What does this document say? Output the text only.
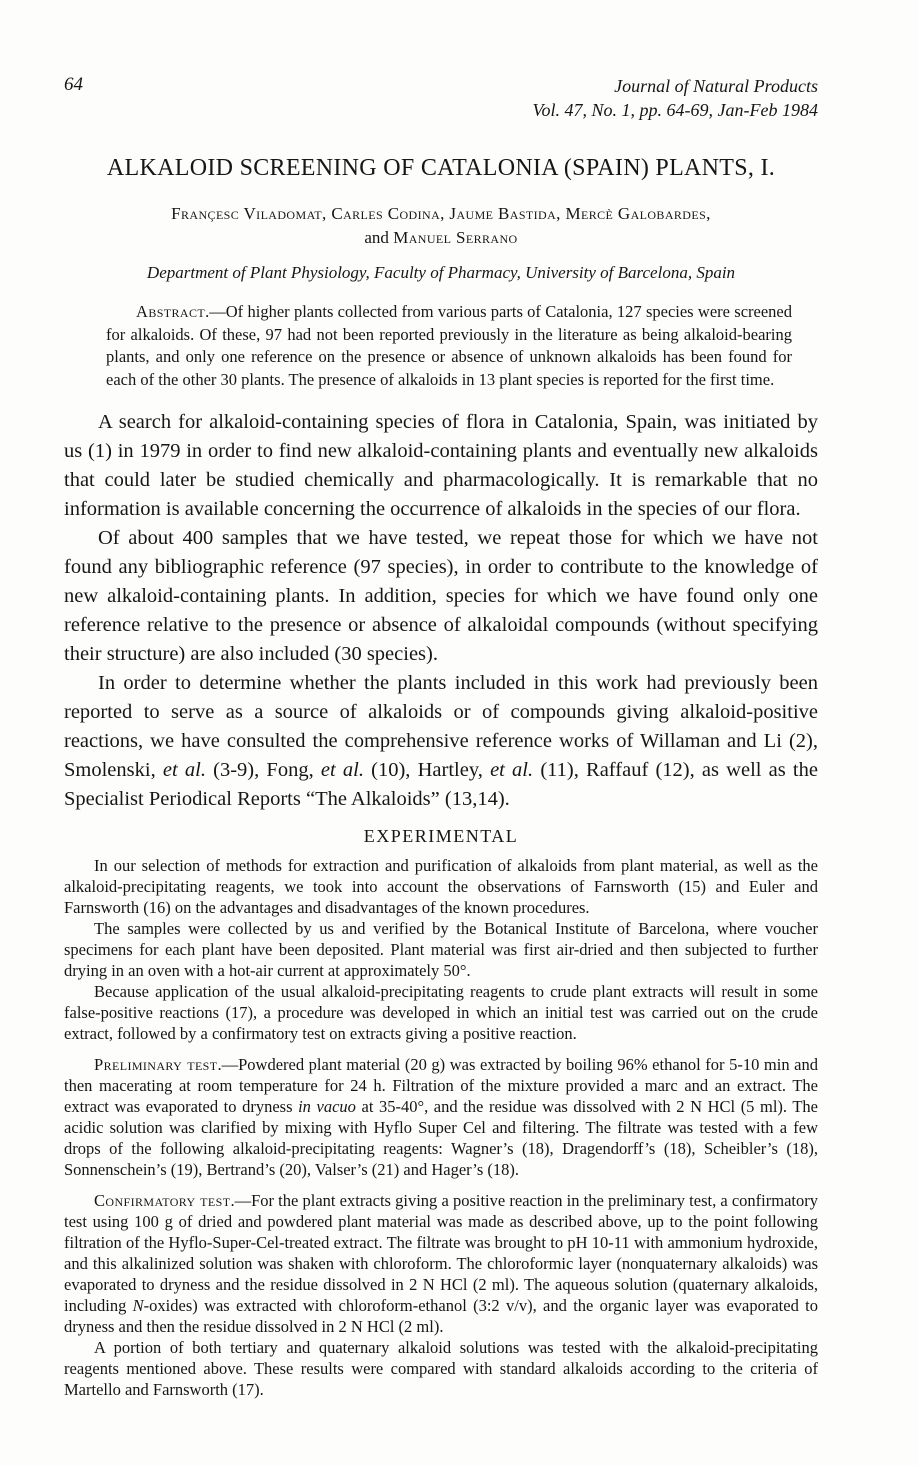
64	Journal of Natural Products
Vol. 47, No. 1, pp. 64-69, Jan-Feb 1984
ALKALOID SCREENING OF CATALONIA (SPAIN) PLANTS, I.
Françesc Viladomat, Carles Codina, Jaume Bastida, Mercè Galobardes,
and Manuel Serrano
Department of Plant Physiology, Faculty of Pharmacy, University of Barcelona, Spain

Abstract.—Of higher plants collected from various parts of Catalonia, 127 species were screened for alkaloids. Of these, 97 had not been reported previously in the literature as being alkaloid-bearing plants, and only one reference on the presence or absence of unknown alkaloids has been found for each of the other 30 plants. The presence of alkaloids in 13 plant species is reported for the first time.

A search for alkaloid-containing species of flora in Catalonia, Spain, was initiated by us (1) in 1979 in order to find new alkaloid-containing plants and eventually new alkaloids that could later be studied chemically and pharmacologically. It is remarkable that no information is available concerning the occurrence of alkaloids in the species of our flora.

Of about 400 samples that we have tested, we repeat those for which we have not found any bibliographic reference (97 species), in order to contribute to the knowledge of new alkaloid-containing plants. In addition, species for which we have found only one reference relative to the presence or absence of alkaloidal compounds (without specifying their structure) are also included (30 species).

In order to determine whether the plants included in this work had previously been reported to serve as a source of alkaloids or of compounds giving alkaloid-positive reactions, we have consulted the comprehensive reference works of Willaman and Li (2), Smolenski, et al. (3-9), Fong, et al. (10), Hartley, et al. (11), Raffauf (12), as well as the Specialist Periodical Reports “The Alkaloids” (13,14).

EXPERIMENTAL

In our selection of methods for extraction and purification of alkaloids from plant material, as well as the alkaloid-precipitating reagents, we took into account the observations of Farnsworth (15) and Euler and Farnsworth (16) on the advantages and disadvantages of the known procedures.

The samples were collected by us and verified by the Botanical Institute of Barcelona, where voucher specimens for each plant have been deposited. Plant material was first air-dried and then subjected to further drying in an oven with a hot-air current at approximately 50°.

Because application of the usual alkaloid-precipitating reagents to crude plant extracts will result in some false-positive reactions (17), a procedure was developed in which an initial test was carried out on the crude extract, followed by a confirmatory test on extracts giving a positive reaction.

Preliminary test.—Powdered plant material (20 g) was extracted by boiling 96% ethanol for 5-10 min and then macerating at room temperature for 24 h. Filtration of the mixture provided a marc and an extract. The extract was evaporated to dryness in vacuo at 35-40°, and the residue was dissolved with 2 N HCl (5 ml). The acidic solution was clarified by mixing with Hyflo Super Cel and filtering. The filtrate was tested with a few drops of the following alkaloid-precipitating reagents: Wagner’s (18), Dragendorff’s (18), Scheibler’s (18), Sonnenschein’s (19), Bertrand’s (20), Valser’s (21) and Hager’s (18).

Confirmatory test.—For the plant extracts giving a positive reaction in the preliminary test, a confirmatory test using 100 g of dried and powdered plant material was made as described above, up to the point following filtration of the Hyflo-Super-Cel-treated extract. The filtrate was brought to pH 10-11 with ammonium hydroxide, and this alkalinized solution was shaken with chloroform. The chloroformic layer (nonquaternary alkaloids) was evaporated to dryness and the residue dissolved in 2 N HCl (2 ml). The aqueous solution (quaternary alkaloids, including N-oxides) was extracted with chloroform-ethanol (3:2 v/v), and the organic layer was evaporated to dryness and then the residue dissolved in 2 N HCl (2 ml).

A portion of both tertiary and quaternary alkaloid solutions was tested with the alkaloid-precipitating reagents mentioned above. These results were compared with standard alkaloids according to the criteria of Martello and Farnsworth (17).
